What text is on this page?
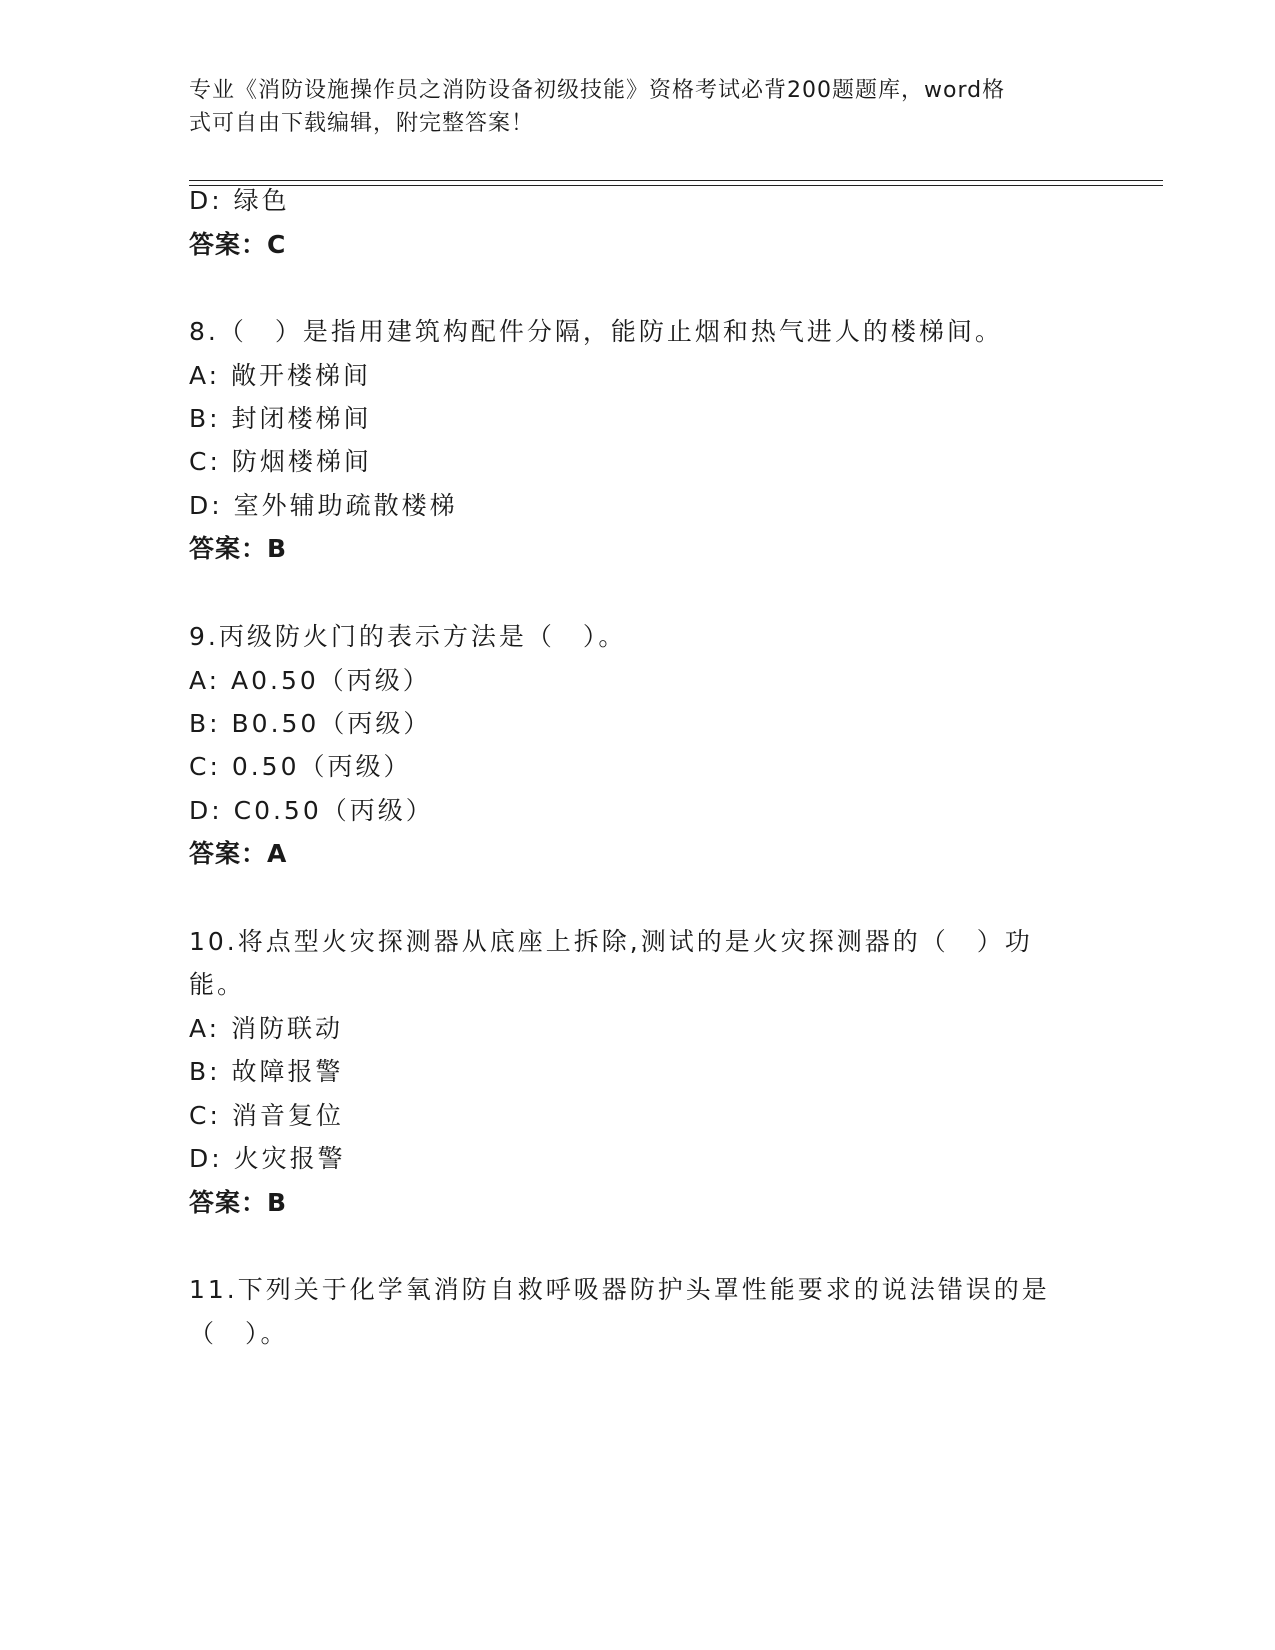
专业《消防设施操作员之消防设备初级技能》资格考试必背200题题库，word格
式可自由下载编辑，附完整答案！
D: 绿色
答案：C
8.（　）是指用建筑构配件分隔，能防止烟和热气进人的楼梯间。
A: 敞开楼梯间
B: 封闭楼梯间
C: 防烟楼梯间
D: 室外辅助疏散楼梯
答案：B
9.丙级防火门的表示方法是（　）。
A: A0.50（丙级）
B: B0.50（丙级）
C: 0.50（丙级）
D: C0.50（丙级）
答案：A
10.将点型火灾探测器从底座上拆除,测试的是火灾探测器的（　）功
能。
A: 消防联动
B: 故障报警
C: 消音复位
D: 火灾报警
答案：B
11.下列关于化学氧消防自救呼吸器防护头罩性能要求的说法错误的是
（　）。
